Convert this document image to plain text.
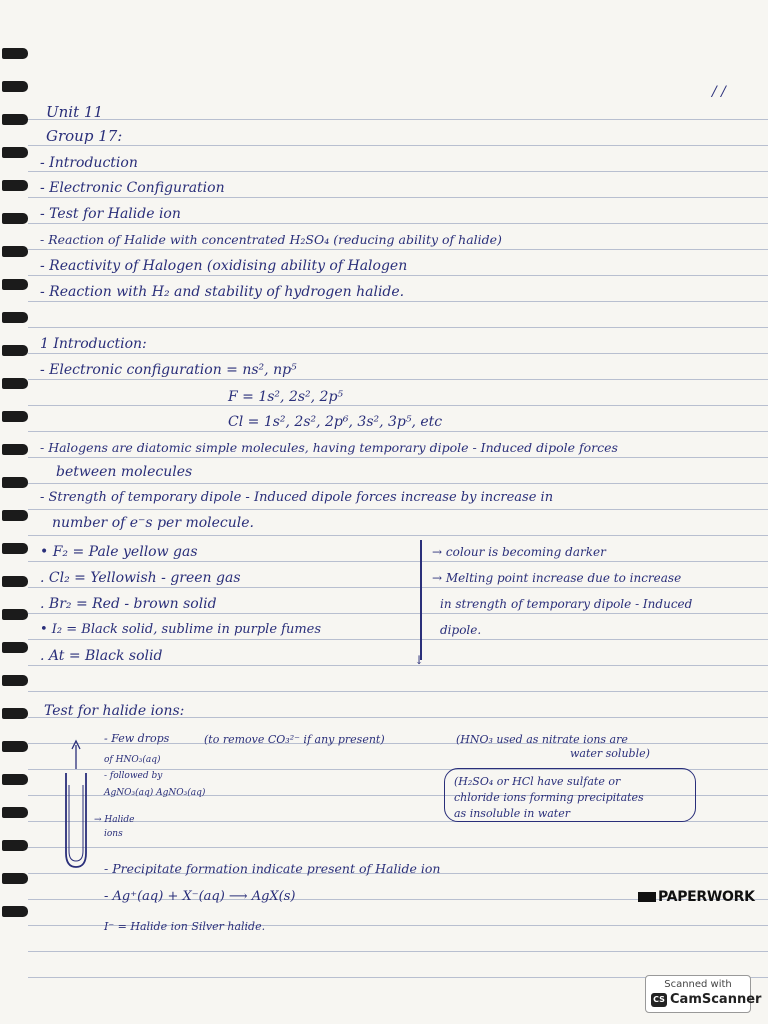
/ /
Unit 11
Group 17:
- Introduction
- Electronic Configuration
- Test for Halide ion
- Reaction of Halide with concentrated H₂SO₄ (reducing ability of halide)
- Reactivity of Halogen (oxidising ability of Halogen
- Reaction with H₂ and stability of hydrogen halide.
1 Introduction:
- Electronic configuration = ns², np⁵
F = 1s², 2s², 2p⁵
Cl = 1s², 2s², 2p⁶, 3s², 3p⁵, etc
- Halogens are diatomic simple molecules, having temporary dipole - Induced dipole forces
between molecules
- Strength of temporary dipole - Induced dipole forces increase by increase in
number of e⁻s per molecule.
• F₂ = Pale yellow gas
. Cl₂ = Yellowish - green gas
. Br₂ = Red - brown solid
• I₂ = Black solid, sublime in purple fumes
. At = Black solid	↓
→ colour is becoming darker
→ Melting point increase due to increase
in strength of temporary dipole - Induced
dipole.
Test for halide ions:
- Few drops
of HNO₃(aq)
- followed by
AgNO₃(aq) AgNO₃(aq)
→ Halide
ions
(to remove CO₃²⁻ if any present)	(HNO₃ used as nitrate ions are
water soluble)
(H₂SO₄ or HCl have sulfate or
chloride ions forming precipitates
as insoluble in water
- Precipitate formation indicate present of Halide ion
- Ag⁺(aq) + X⁻(aq) ⟶ AgX(s)
I⁻ = Halide ion Silver halide.
PAPERWORK
Scanned with
CS CamScanner
